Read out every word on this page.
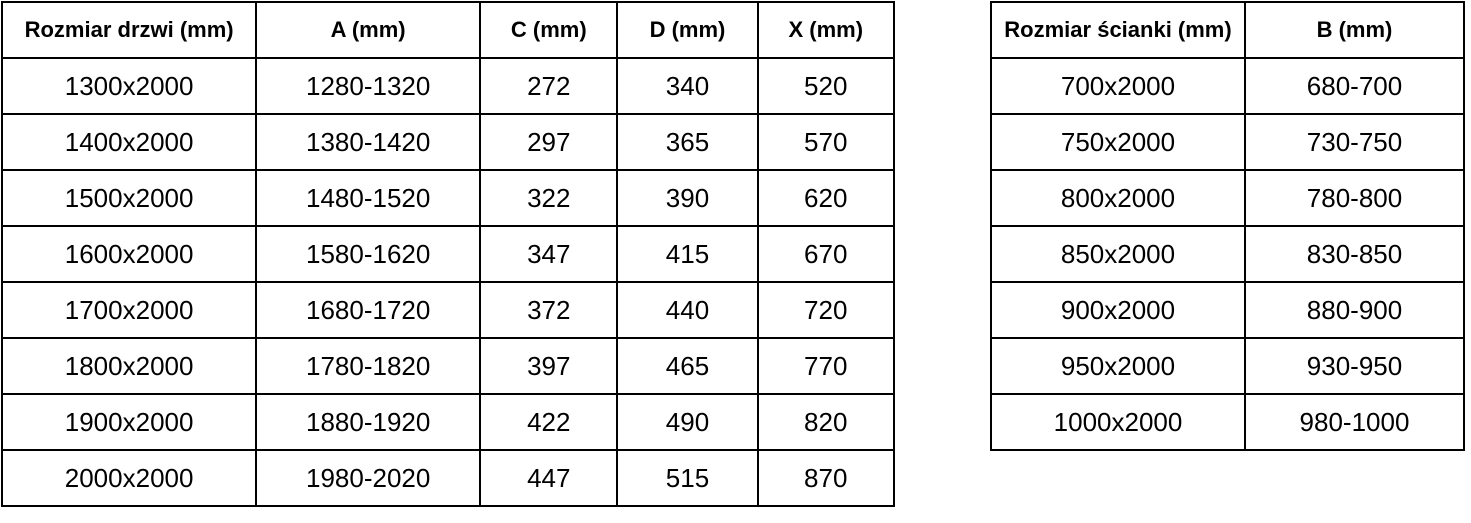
Rozmiar drzwi (mm)	A (mm)	C (mm)	D (mm)	X (mm)
1300x2000	1280-1320	272	340	520
1400x2000	1380-1420	297	365	570
1500x2000	1480-1520	322	390	620
1600x2000	1580-1620	347	415	670
1700x2000	1680-1720	372	440	720
1800x2000	1780-1820	397	465	770
1900x2000	1880-1920	422	490	820
2000x2000	1980-2020	447	515	870
Rozmiar ścianki (mm)	B (mm)
700x2000	680-700
750x2000	730-750
800x2000	780-800
850x2000	830-850
900x2000	880-900
950x2000	930-950
1000x2000	980-1000
